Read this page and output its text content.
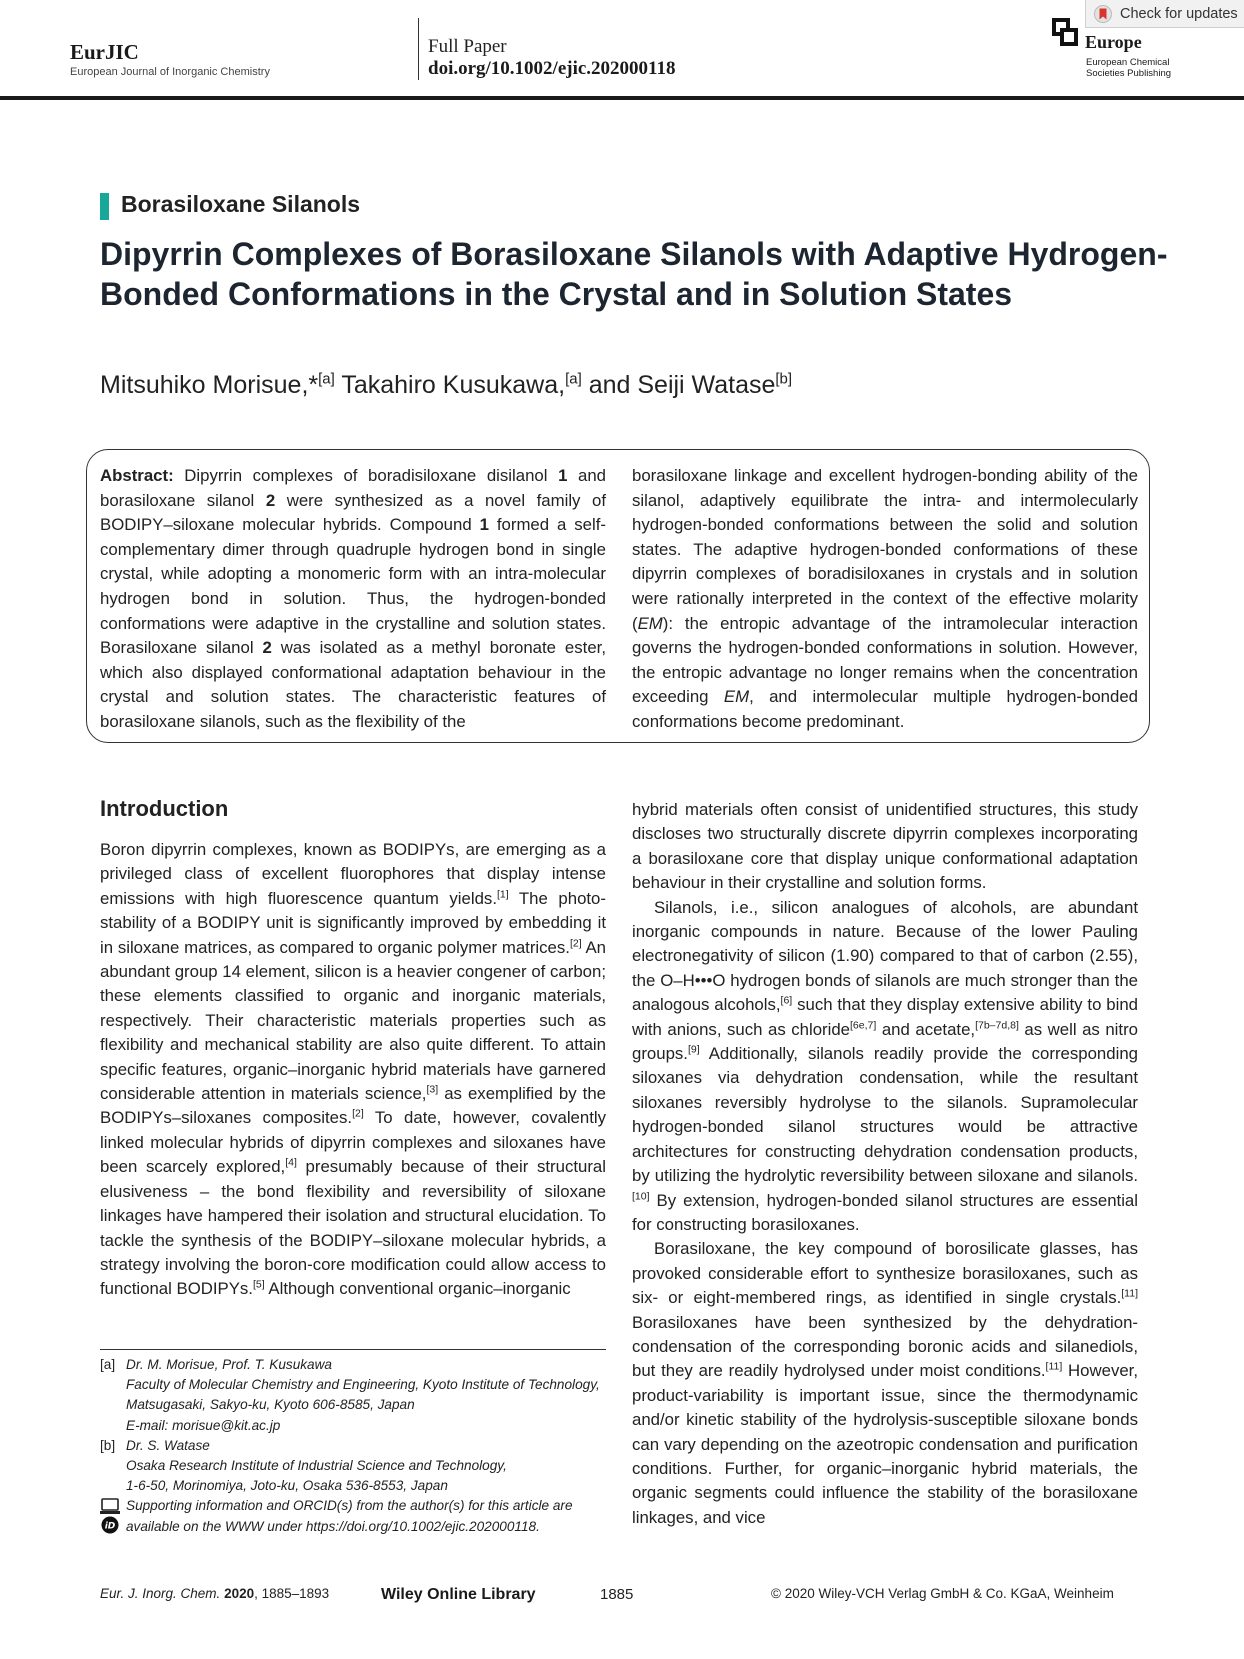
EurJIC
European Journal of Inorganic Chemistry
Full Paper
doi.org/10.1002/ejic.202000118
Europe
European Chemical
Societies Publishing
Check for updates
Borasiloxane Silanols
Dipyrrin Complexes of Borasiloxane Silanols with Adaptive Hydrogen-Bonded Conformations in the Crystal and in Solution States
Mitsuhiko Morisue,*[a] Takahiro Kusukawa,[a] and Seiji Watase[b]
Abstract: Dipyrrin complexes of boradisiloxane disilanol 1 and borasiloxane silanol 2 were synthesized as a novel family of BODIPY–siloxane molecular hybrids. Compound 1 formed a self-complementary dimer through quadruple hydrogen bond in single crystal, while adopting a monomeric form with an intra-molecular hydrogen bond in solution. Thus, the hydrogen-bonded conformations were adaptive in the crystalline and solution states. Borasiloxane silanol 2 was isolated as a methyl boronate ester, which also displayed conformational adaptation behaviour in the crystal and solution states. The characteristic features of borasiloxane silanols, such as the flexibility of the
borasiloxane linkage and excellent hydrogen-bonding ability of the silanol, adaptively equilibrate the intra- and intermolecularly hydrogen-bonded conformations between the solid and solution states. The adaptive hydrogen-bonded conformations of these dipyrrin complexes of boradisiloxanes in crystals and in solution were rationally interpreted in the context of the effective molarity (EM): the entropic advantage of the intramolecular interaction governs the hydrogen-bonded conformations in solution. However, the entropic advantage no longer remains when the concentration exceeding EM, and intermolecular multiple hydrogen-bonded conformations become predominant.
Introduction
Boron dipyrrin complexes, known as BODIPYs, are emerging as a privileged class of excellent fluorophores that display intense emissions with high fluorescence quantum yields.[1] The photo-stability of a BODIPY unit is significantly improved by embedding it in siloxane matrices, as compared to organic polymer matrices.[2] An abundant group 14 element, silicon is a heavier congener of carbon; these elements classified to organic and inorganic materials, respectively. Their characteristic materials properties such as flexibility and mechanical stability are also quite different. To attain specific features, organic–inorganic hybrid materials have garnered considerable attention in materials science,[3] as exemplified by the BODIPYs–siloxanes composites.[2] To date, however, covalently linked molecular hybrids of dipyrrin complexes and siloxanes have been scarcely explored,[4] presumably because of their structural elusiveness – the bond flexibility and reversibility of siloxane linkages have hampered their isolation and structural elucidation. To tackle the synthesis of the BODIPY–siloxane molecular hybrids, a strategy involving the boron-core modification could allow access to functional BODIPYs.[5] Although conventional organic–inorganic
hybrid materials often consist of unidentified structures, this study discloses two structurally discrete dipyrrin complexes incorporating a borasiloxane core that display unique conformational adaptation behaviour in their crystalline and solution forms.
Silanols, i.e., silicon analogues of alcohols, are abundant inorganic compounds in nature. Because of the lower Pauling electronegativity of silicon (1.90) compared to that of carbon (2.55), the O–H•••O hydrogen bonds of silanols are much stronger than the analogous alcohols,[6] such that they display extensive ability to bind with anions, such as chloride[6e,7] and acetate,[7b–7d,8] as well as nitro groups.[9] Additionally, silanols readily provide the corresponding siloxanes via dehydration condensation, while the resultant siloxanes reversibly hydrolyse to the silanols. Supramolecular hydrogen-bonded silanol structures would be attractive architectures for constructing dehydration condensation products, by utilizing the hydrolytic reversibility between siloxane and silanols.[10] By extension, hydrogen-bonded silanol structures are essential for constructing borasiloxanes.
Borasiloxane, the key compound of borosilicate glasses, has provoked considerable effort to synthesize borasiloxanes, such as six- or eight-membered rings, as identified in single crystals.[11] Borasiloxanes have been synthesized by the dehydration-condensation of the corresponding boronic acids and silanediols, but they are readily hydrolysed under moist conditions.[11] However, product-variability is important issue, since the thermodynamic and/or kinetic stability of the hydrolysis-susceptible siloxane bonds can vary depending on the azeotropic condensation and purification conditions. Further, for organic–inorganic hybrid materials, the organic segments could influence the stability of the borasiloxane linkages, and vice
[a] Dr. M. Morisue, Prof. T. Kusukawa
Faculty of Molecular Chemistry and Engineering, Kyoto Institute of Technology,
Matsugasaki, Sakyo-ku, Kyoto 606-8585, Japan
E-mail: morisue@kit.ac.jp
[b] Dr. S. Watase
Osaka Research Institute of Industrial Science and Technology,
1-6-50, Morinomiya, Joto-ku, Osaka 536-8553, Japan
iD
Supporting information and ORCID(s) from the author(s) for this article are
available on the WWW under https://doi.org/10.1002/ejic.202000118.
Eur. J. Inorg. Chem. 2020, 1885–1893	Wiley Online Library	1885	© 2020 Wiley-VCH Verlag GmbH & Co. KGaA, Weinheim
